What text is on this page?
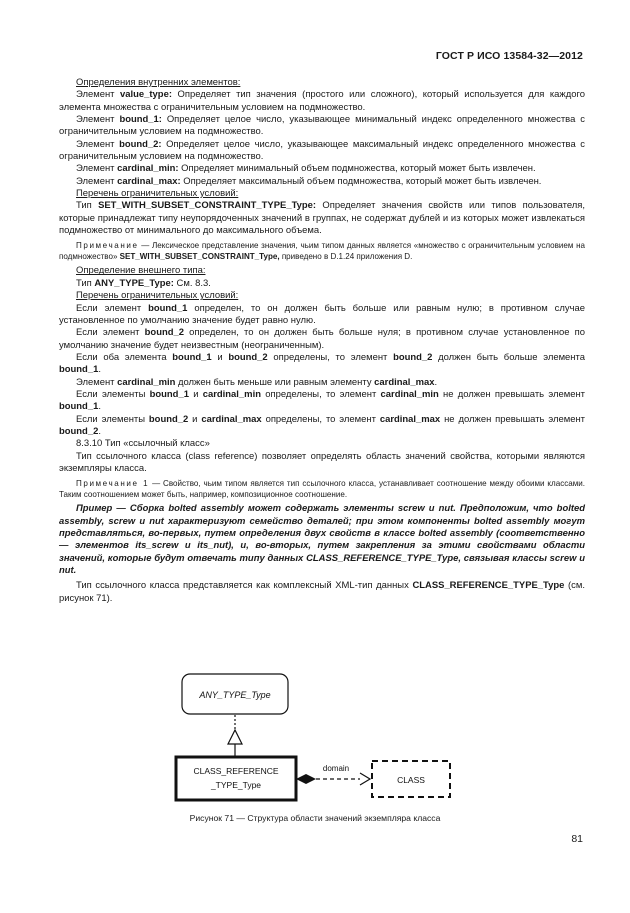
ГОСТ Р ИСО 13584-32—2012

Определения внутренних элементов:

Элемент value_type: Определяет тип значения (простого или сложного), который используется для каждого элемента множества с ограничительным условием на подмножество.

Элемент bound_1: Определяет целое число, указывающее минимальный индекс определенного множества с ограничительным условием на подмножество.

Элемент bound_2: Определяет целое число, указывающее максимальный индекс определенного множества с ограничительным условием на подмножество.

Элемент cardinal_min: Определяет минимальный объем подмножества, который может быть извлечен.

Элемент cardinal_max: Определяет максимальный объем подмножества, который может быть извлечен.

Перечень ограничительных условий:

Тип SET_WITH_SUBSET_CONSTRAINT_TYPE_Type: Определяет значения свойств или типов пользователя, которые принадлежат типу неупорядоченных значений в группах, не содержат дублей и из которых может извлекаться подмножество от минимального до максимального объема.

Примечание — Лексическое представление значения, чьим типом данных является «множество с ограничительным условием на подмножество» SET_WITH_SUBSET_CONSTRAINT_Type, приведено в D.1.24 приложения D.

Определение внешнего типа:

Тип ANY_TYPE_Type: См. 8.3.

Перечень ограничительных условий:

Если элемент bound_1 определен, то он должен быть больше или равным нулю; в противном случае установленное по умолчанию значение будет равно нулю.

Если элемент bound_2 определен, то он должен быть больше нуля; в противном случае установленное по умолчанию значение будет неизвестным (неограниченным).

Если оба элемента bound_1 и bound_2 определены, то элемент bound_2 должен быть больше элемента bound_1.

Элемент cardinal_min должен быть меньше или равным элементу cardinal_max.

Если элементы bound_1 и cardinal_min определены, то элемент cardinal_min не должен превышать элемент bound_1.

Если элементы bound_2 и cardinal_max определены, то элемент cardinal_max не должен превышать элемент bound_2.

8.3.10 Тип «ссылочный класс»

Тип ссылочного класса (class reference) позволяет определять область значений свойства, которыми являются экземпляры класса.

Примечание 1 — Свойство, чьим типом является тип ссылочного класса, устанавливает соотношение между обоими классами. Таким соотношением может быть, например, композиционное соотношение.

Пример — Сборка bolted assembly может содержать элементы screw и nut. Предположим, что bolted assembly, screw и nut характеризуют семейство деталей; при этом компоненты bolted assembly могут представляться, во-первых, путем определения двух свойств в классе bolted assembly (соответственно — элементов its_screw и its_nut), и, во-вторых, путем закрепления за этими свойствами области значений, которые будут отвечать типу данных CLASS_REFERENCE_TYPE_Type, связывая классы screw и nut.

Тип ссылочного класса представляется как комплексный XML-тип данных CLASS_REFERENCE_TYPE_Type (см. рисунок 71).

ANY_TYPE_Type
CLASS_REFERENCE
_TYPE_Type
domain
CLASS
Рисунок 71 — Структура области значений экземпляра класса
81
